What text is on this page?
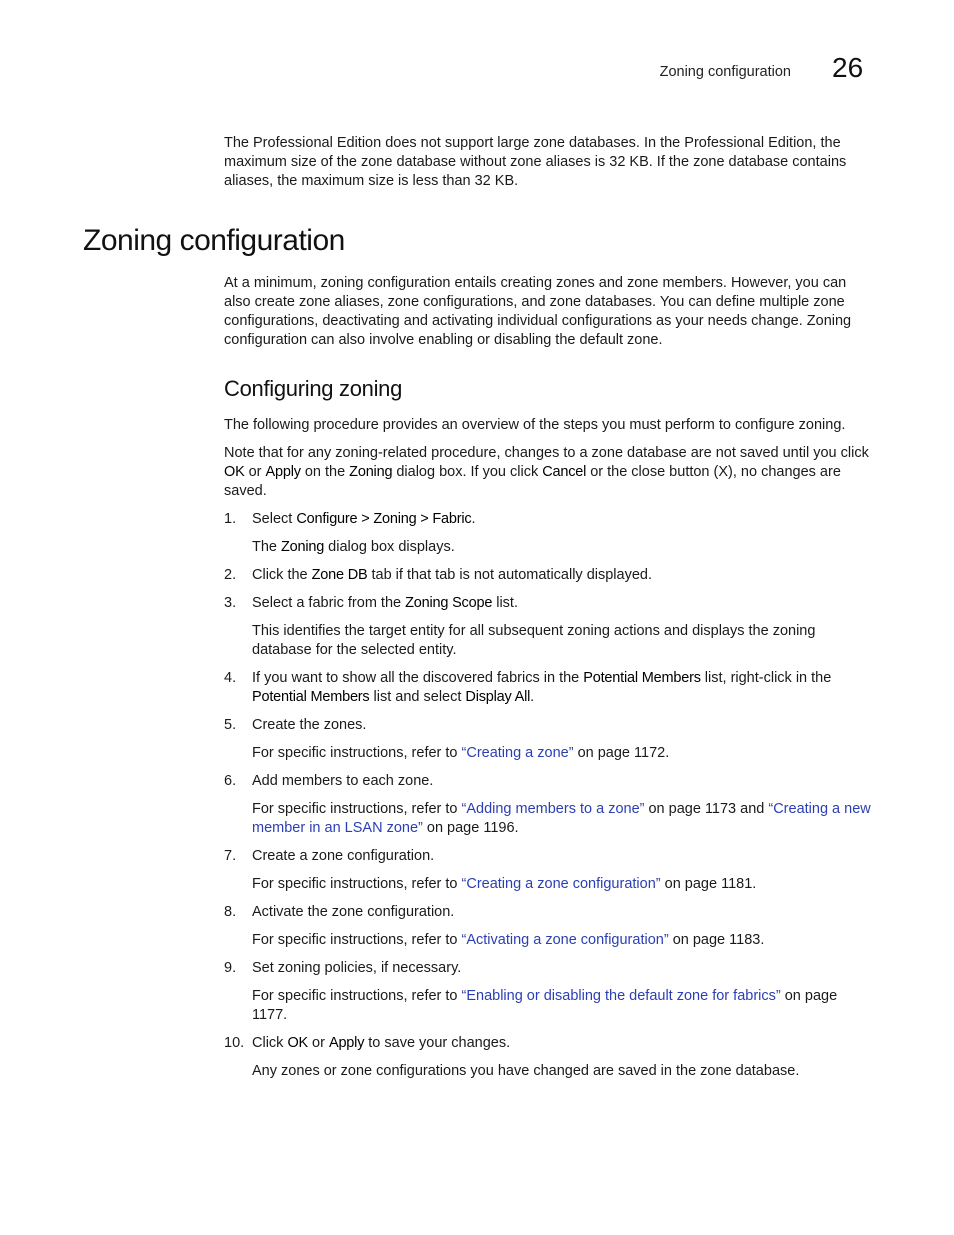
Zoning configuration 26

The Professional Edition does not support large zone databases. In the Professional Edition, the maximum size of the zone database without zone aliases is 32 KB. If the zone database contains aliases, the maximum size is less than 32 KB.

Zoning configuration

At a minimum, zoning configuration entails creating zones and zone members. However, you can also create zone aliases, zone configurations, and zone databases. You can define multiple zone configurations, deactivating and activating individual configurations as your needs change. Zoning configuration can also involve enabling or disabling the default zone.

Configuring zoning

The following procedure provides an overview of the steps you must perform to configure zoning.

Note that for any zoning-related procedure, changes to a zone database are not saved until you click OK or Apply on the Zoning dialog box. If you click Cancel or the close button (X), no changes are saved.

1.	Select Configure > Zoning > Fabric.

The Zoning dialog box displays.

2.	Click the Zone DB tab if that tab is not automatically displayed.
3.	Select a fabric from the Zoning Scope list.

This identifies the target entity for all subsequent zoning actions and displays the zoning database for the selected entity.

4.	If you want to show all the discovered fabrics in the Potential Members list, right-click in the Potential Members list and select Display All.
5.	Create the zones.

For specific instructions, refer to “Creating a zone” on page 1172.

6.	Add members to each zone.

For specific instructions, refer to “Adding members to a zone” on page 1173 and “Creating a new member in an LSAN zone” on page 1196.

7.	Create a zone configuration.

For specific instructions, refer to “Creating a zone configuration” on page 1181.

8.	Activate the zone configuration.

For specific instructions, refer to “Activating a zone configuration” on page 1183.

9.	Set zoning policies, if necessary.

For specific instructions, refer to “Enabling or disabling the default zone for fabrics” on page 1177.

10. Click OK or Apply to save your changes.

Any zones or zone configurations you have changed are saved in the zone database.
